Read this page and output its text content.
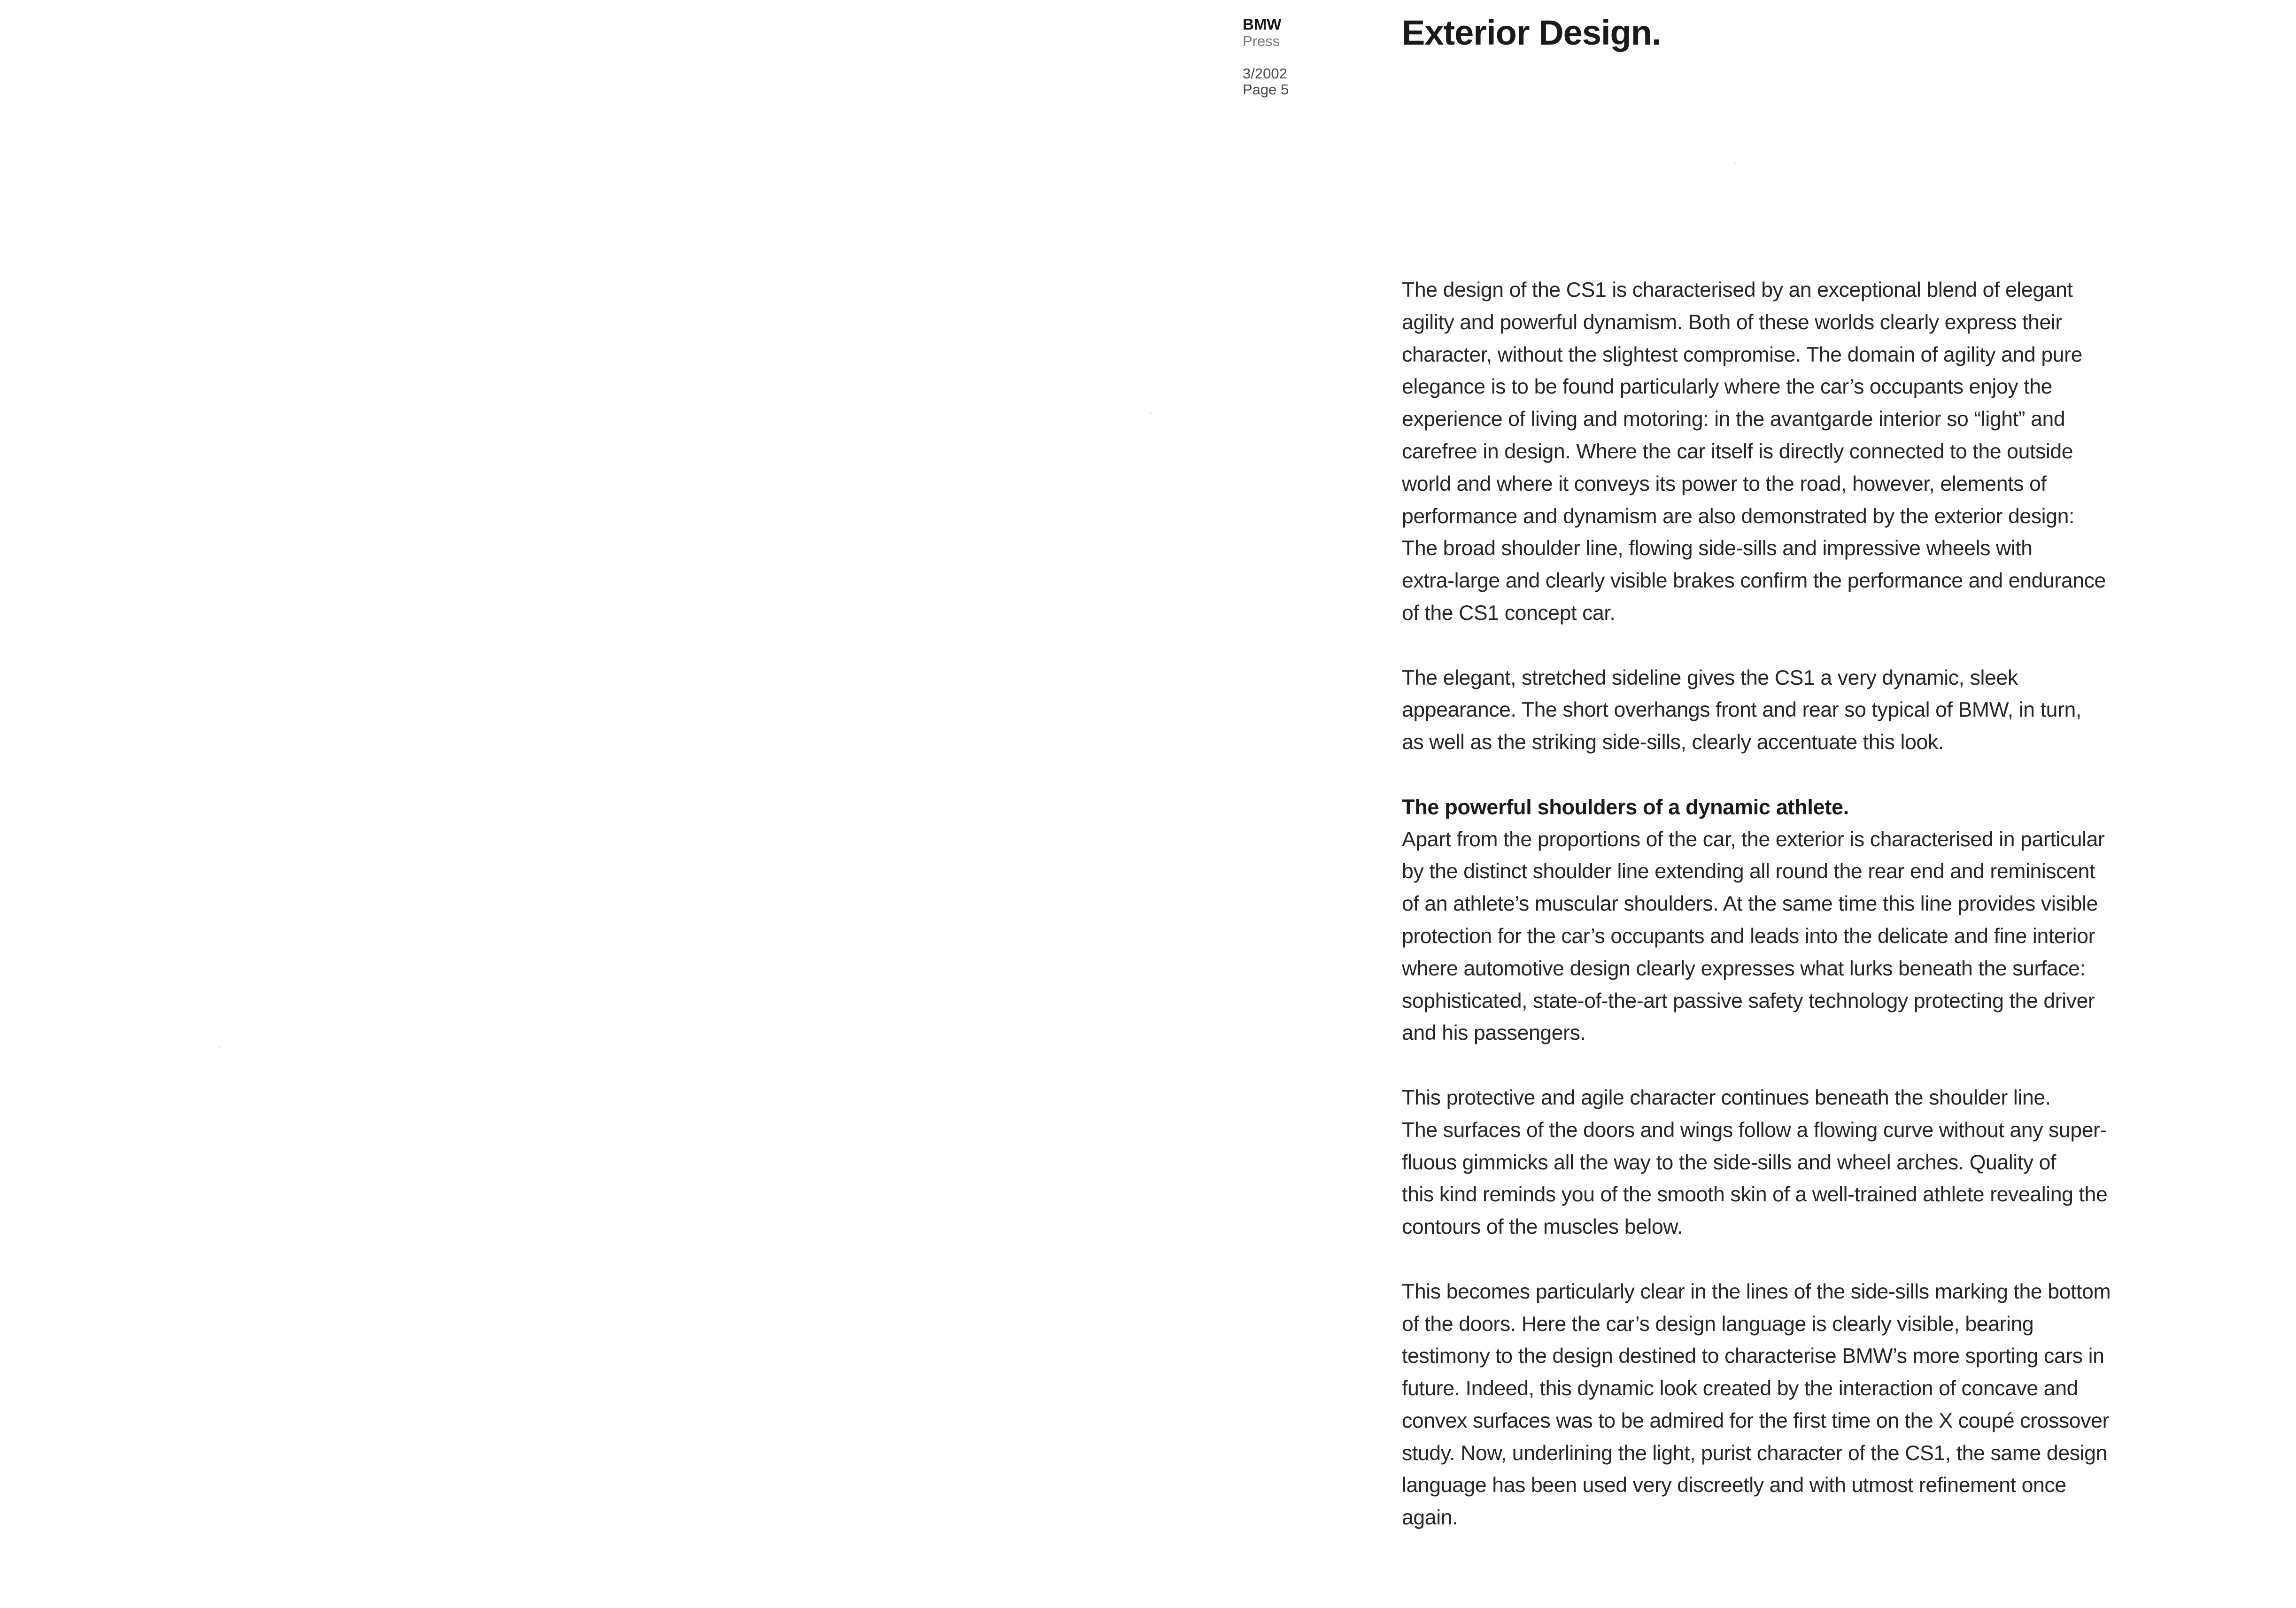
BMW
Press
3/2002
Page 5
Exterior Design.

The design of the CS1 is characterised by an exceptional blend of elegant
agility and powerful dynamism. Both of these worlds clearly express their
character, without the slightest compromise. The domain of agility and pure
elegance is to be found particularly where the car’s occupants enjoy the
experience of living and motoring: in the avantgarde interior so “light” and
carefree in design. Where the car itself is directly connected to the outside
world and where it conveys its power to the road, however, elements of
performance and dynamism are also demonstrated by the exterior design:
The broad shoulder line, flowing side-sills and impressive wheels with
extra-large and clearly visible brakes confirm the performance and endurance
of the CS1 concept car.

The elegant, stretched sideline gives the CS1 a very dynamic, sleek
appearance. The short overhangs front and rear so typical of BMW, in turn,
as well as the striking side-sills, clearly accentuate this look.

The powerful shoulders of a dynamic athlete.

Apart from the proportions of the car, the exterior is characterised in particular
by the distinct shoulder line extending all round the rear end and reminiscent
of an athlete’s muscular shoulders. At the same time this line provides visible
protection for the car’s occupants and leads into the delicate and fine interior
where automotive design clearly expresses what lurks beneath the surface:
sophisticated, state-of-the-art passive safety technology protecting the driver
and his passengers.

This protective and agile character continues beneath the shoulder line.
The surfaces of the doors and wings follow a flowing curve without any super-
fluous gimmicks all the way to the side-sills and wheel arches. Quality of
this kind reminds you of the smooth skin of a well-trained athlete revealing the
contours of the muscles below.

This becomes particularly clear in the lines of the side-sills marking the bottom
of the doors. Here the car’s design language is clearly visible, bearing
testimony to the design destined to characterise BMW’s more sporting cars in
future. Indeed, this dynamic look created by the interaction of concave and
convex surfaces was to be admired for the first time on the X coupé crossover
study. Now, underlining the light, purist character of the CS1, the same design
language has been used very discreetly and with utmost refinement once
again.
